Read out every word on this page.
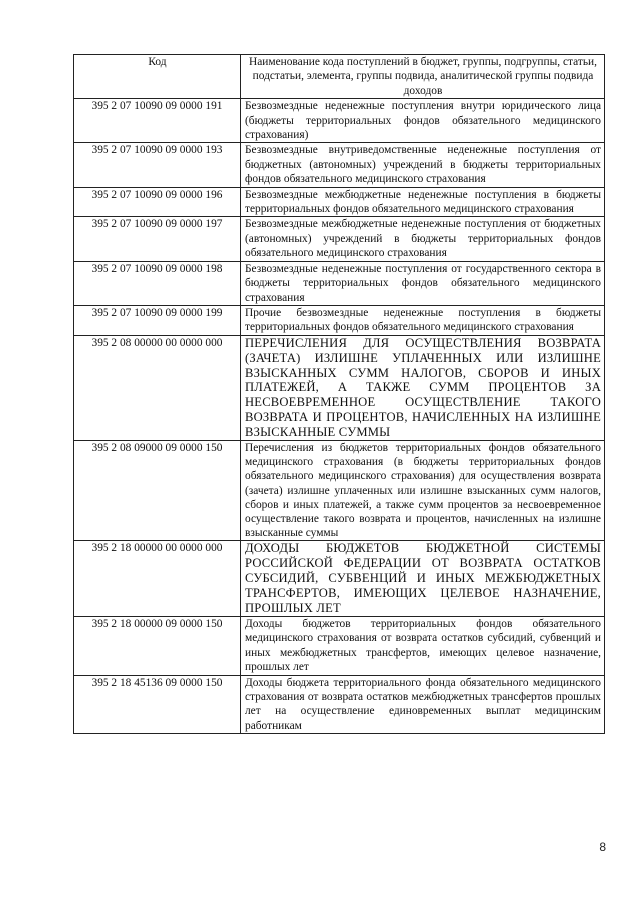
Код	Наименование кода поступлений в бюджет, группы, подгруппы, статьи, подстатьи, элемента, группы подвида, аналитической группы подвида доходов
395 2 07 10090 09 0000 191	Безвозмездные неденежные поступления внутри юридического лица (бюджеты территориальных фондов обязательного медицинского страхования)
395 2 07 10090 09 0000 193	Безвозмездные внутриведомственные неденежные поступления от бюджетных (автономных) учреждений в бюджеты территориальных фондов обязательного медицинского страхования
395 2 07 10090 09 0000 196	Безвозмездные межбюджетные неденежные поступления в бюджеты территориальных фондов обязательного медицинского страхования
395 2 07 10090 09 0000 197	Безвозмездные межбюджетные неденежные поступления от бюджетных (автономных) учреждений в бюджеты территориальных фондов обязательного медицинского страхования
395 2 07 10090 09 0000 198	Безвозмездные неденежные поступления от государственного сектора в бюджеты территориальных фондов обязательного медицинского страхования
395 2 07 10090 09 0000 199	Прочие безвозмездные неденежные поступления в бюджеты территориальных фондов обязательного медицинского страхования
395 2 08 00000 00 0000 000	ПЕРЕЧИСЛЕНИЯ ДЛЯ ОСУЩЕСТВЛЕНИЯ ВОЗВРАТА (ЗАЧЕТА) ИЗЛИШНЕ УПЛАЧЕННЫХ ИЛИ ИЗЛИШНЕ ВЗЫСКАННЫХ СУММ НАЛОГОВ, СБОРОВ И ИНЫХ ПЛАТЕЖЕЙ, А ТАКЖЕ СУММ ПРОЦЕНТОВ ЗА НЕСВОЕВРЕМЕННОЕ ОСУЩЕСТВЛЕНИЕ ТАКОГО ВОЗВРАТА И ПРОЦЕНТОВ, НАЧИСЛЕННЫХ НА ИЗЛИШНЕ ВЗЫСКАННЫЕ СУММЫ
395 2 08 09000 09 0000 150	Перечисления из бюджетов территориальных фондов обязательного медицинского страхования (в бюджеты территориальных фондов обязательного медицинского страхования) для осуществления возврата (зачета) излишне уплаченных или излишне взысканных сумм налогов, сборов и иных платежей, а также сумм процентов за несвоевременное осуществление такого возврата и процентов, начисленных на излишне взысканные суммы
395 2 18 00000 00 0000 000	ДОХОДЫ БЮДЖЕТОВ БЮДЖЕТНОЙ СИСТЕМЫ РОССИЙСКОЙ ФЕДЕРАЦИИ ОТ ВОЗВРАТА ОСТАТКОВ СУБСИДИЙ, СУБВЕНЦИЙ И ИНЫХ МЕЖБЮДЖЕТНЫХ ТРАНСФЕРТОВ, ИМЕЮЩИХ ЦЕЛЕВОЕ НАЗНАЧЕНИЕ, ПРОШЛЫХ ЛЕТ
395 2 18 00000 09 0000 150	Доходы бюджетов территориальных фондов обязательного медицинского страхования от возврата остатков субсидий, субвенций и иных межбюджетных трансфертов, имеющих целевое назначение, прошлых лет
395 2 18 45136 09 0000 150	Доходы бюджета территориального фонда обязательного медицинского страхования от возврата остатков межбюджетных трансфертов прошлых лет на осуществление единовременных выплат медицинским работникам
8
